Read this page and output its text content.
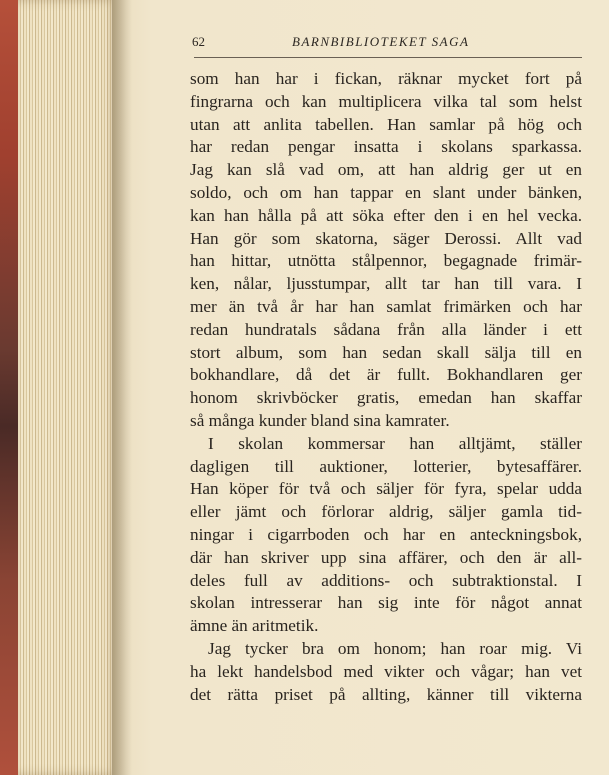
62	BARNBIBLIOTEKET SAGA
som han har i fickan, räknar mycket fort på
fingrarna och kan multiplicera vilka tal som helst
utan att anlita tabellen. Han samlar på hög och
har redan pengar insatta i skolans sparkassa.
Jag kan slå vad om, att han aldrig ger ut en
soldo, och om han tappar en slant under bänken,
kan han hålla på att söka efter den i en hel vecka.
Han gör som skatorna, säger Derossi. Allt vad
han hittar, utnötta stålpennor, begagnade frimär-
ken, nålar, ljusstumpar, allt tar han till vara. I
mer än två år har han samlat frimärken och har
redan hundratals sådana från alla länder i ett
stort album, som han sedan skall sälja till en
bokhandlare, då det är fullt. Bokhandlaren ger
honom skrivböcker gratis, emedan han skaffar
så många kunder bland sina kamrater.
I skolan kommersar han alltjämt, ställer
dagligen till auktioner, lotterier, bytesaffärer.
Han köper för två och säljer för fyra, spelar udda
eller jämt och förlorar aldrig, säljer gamla tid-
ningar i cigarrboden och har en anteckningsbok,
där han skriver upp sina affärer, och den är all-
deles full av additions- och subtraktionstal. I
skolan intresserar han sig inte för något annat
ämne än aritmetik.
Jag tycker bra om honom; han roar mig. Vi
ha lekt handelsbod med vikter och vågar; han vet
det rätta priset på allting, känner till vikterna
